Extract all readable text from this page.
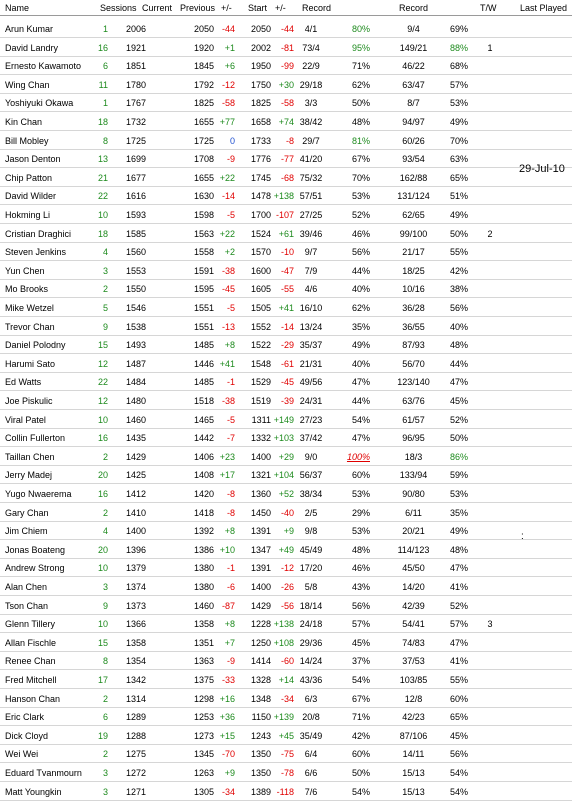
Name	Sessions Current Previous +/- Start +/- Record	Record	T/W	Last Played
Arun Kumar	1	2006	2050 -44	2050	-44	4/1	80%	9/4	69%
David Landry	16	1921	1920	+1	2002	-81 73/4	95%	149/21	88%	1
Ernesto Kawamoto	6	1851	1845	+6	1950	-99 22/9	71%	46/22	68%
Wing Chan	11	1780	1792 -12	1750 +30 29/18	62%	63/47	57%
Yoshiyuki Okawa	1	1767	1825 -58	1825	-58	3/3	50%	8/7	53%
Kin Chan	18	1732	1655 +77	1658 +74 38/42	48%	94/97	49%
Bill Mobley	8	1725	1725	0	1733	-8 29/7	81%	60/26	70%
Jason Denton	13	1699	1708	-9	1776	-77 41/20	67%	93/54	63%
Chip Patton	21	1677	1655 +22	1745	-68 75/32	70%	162/88	65%
David Wilder	22	1616	1630 -14	1478 +138 57/51	53%	131/124	51%
Hokming Li	10	1593	1598	-5	1700 -107 27/25	52%	62/65	49%
Cristian Draghici	18	1585	1563 +22	1524 +61 39/46	46%	99/100	50%	2
Steven Jenkins	4	1560	1558	+2	1570	-10	9/7	56%	21/17	55%
Yun Chen	3	1553	1591 -38	1600	-47	7/9	44%	18/25	42%
Mo Brooks	2	1550	1595 -45	1605	-55	4/6	40%	10/16	38%
Mike Wetzel	5	1546	1551	-5	1505 +41 16/10	62%	36/28	56%
Trevor Chan	9	1538	1551 -13	1552	-14 13/24	35%	36/55	40%
Daniel Polodny	15	1493	1485	+8	1522	-29 35/37	49%	87/93	48%
Harumi Sato	12	1487	1446 +41	1548	-61 21/31	40%	56/70	44%
Ed Watts	22	1484	1485	-1	1529	-45 49/56	47%	123/140	47%
Joe Piskulic	12	1480	1518 -38	1519	-39 24/31	44%	63/76	45%
Viral Patel	10	1460	1465	-5	1311 +149 27/23	54%	61/57	52%
Collin Fullerton	16	1435	1442	-7	1332 +103 37/42	47%	96/95	50%
Taillan Chen	2	1429	1406 +23	1400 +29	9/0	100%	18/3	86%
Jerry Madej	20	1425	1408 +17	1321 +104 56/37	60%	133/94	59%
Yugo Nwaerema	16	1412	1420	-8	1360 +52 38/34	53%	90/80	53%
Gary Chan	2	1410	1418	-8	1450	-40	2/5	29%	6/11	35%
Jim Chiem	4	1400	1392	+8	1391	+9	9/8	53%	20/21	49%
Jonas Boateng	20	1396	1386 +10	1347 +49 45/49	48%	114/123	48%
Andrew Strong	10	1379	1380	-1	1391	-12 17/20	46%	45/50	47%
Alan Chen	3	1374	1380	-6	1400	-26	5/8	43%	14/20	41%
Tson Chan	9	1373	1460 -87	1429	-56 18/14	56%	42/39	52%
Glenn Tillery	10	1366	1358	+8	1228 +138 24/18	57%	54/41	57%	3
Allan Fischle	15	1358	1351	+7	1250 +108 29/36	45%	74/83	47%
Renee Chan	8	1354	1363	-9	1414	-60 14/24	37%	37/53	41%
Fred Mitchell	17	1342	1375 -33	1328 +14 43/36	54%	103/85	55%
Hanson Chan	2	1314	1298 +16	1348	-34	6/3	67%	12/8	60%
Eric Clark	6	1289	1253 +36	1150 +139 20/8	71%	42/23	65%
Dick Cloyd	19	1288	1273 +15	1243 +45 35/49	42%	87/106	45%
Wei Wei	2	1275	1345 -70	1350	-75	6/4	60%	14/11	56%
Eduard Tvanmourn	3	1272	1263	+9	1350	-78	6/6	50%	15/13	54%
Matt Youngkin	3	1271	1305 -34	1389 -118	7/6	54%	15/13	54%
29-Jul-10
:
